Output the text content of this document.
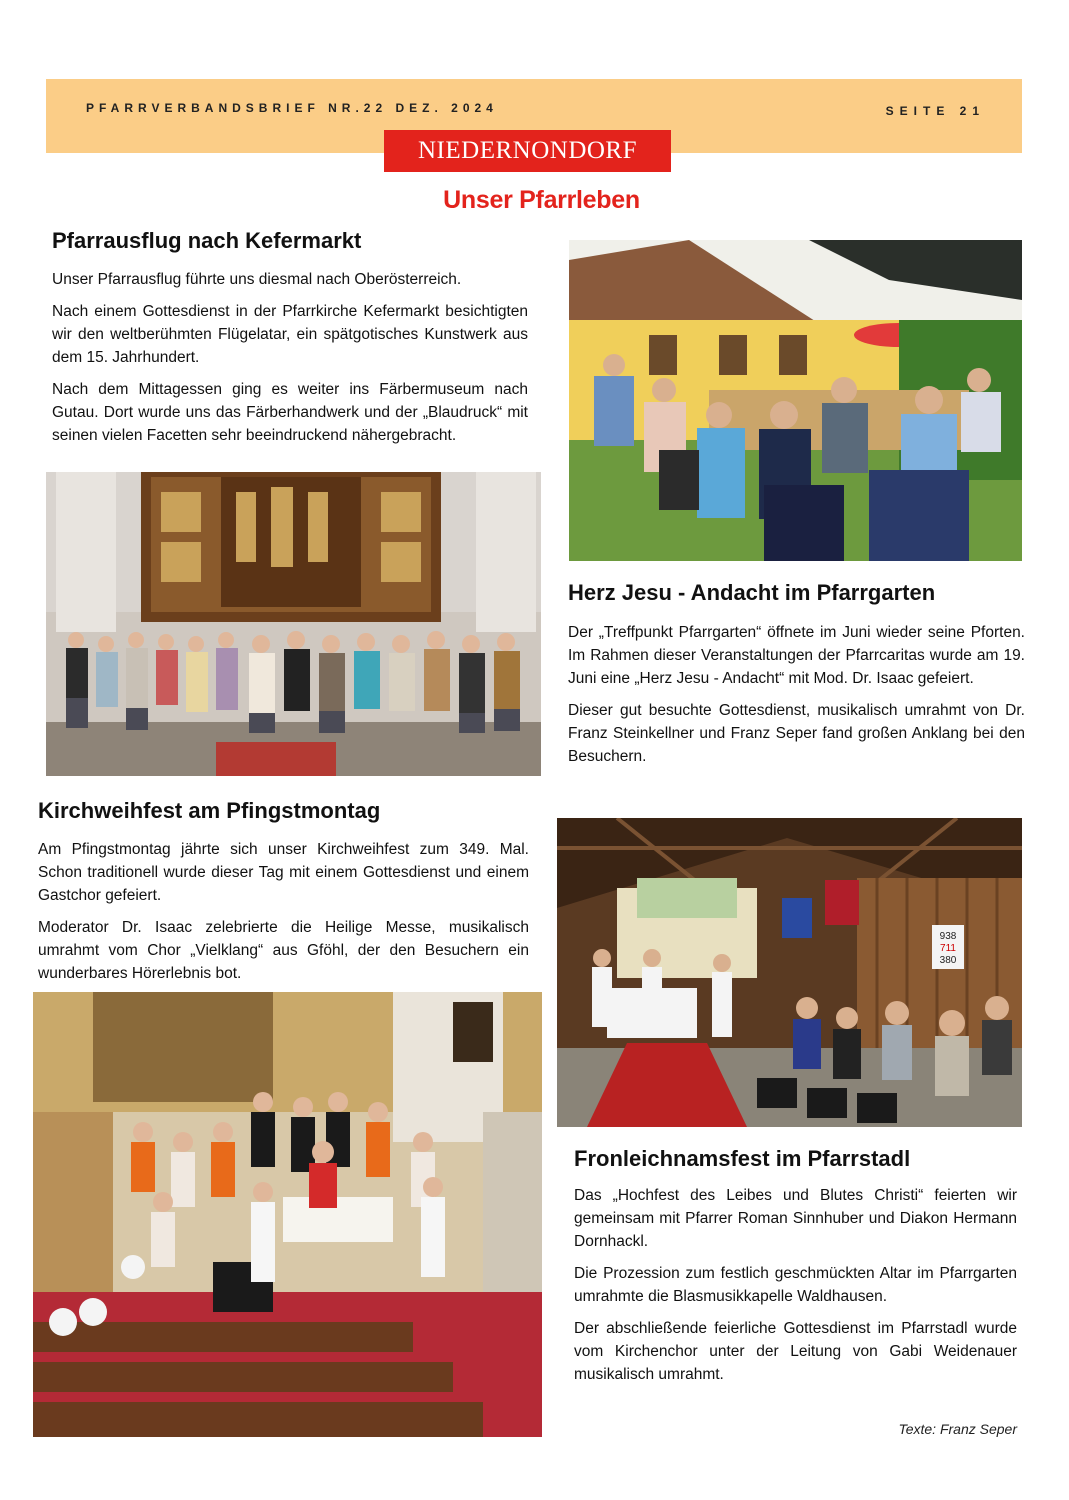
PFARRVERBANDSBRIEF NR.22 DEZ. 2024	SEITE 21
NIEDERNONDORF
Unser Pfarrleben
Pfarrausflug nach Kefermarkt

Unser Pfarrausflug führte uns diesmal nach Oberösterreich.

Nach einem Gottesdienst in der Pfarrkirche Kefermarkt besichtigten wir den weltberühmten Flügelatar, ein spätgotisches Kunstwerk aus dem 15. Jahrhundert.

Nach dem Mittagessen ging es weiter ins Färbermuseum nach Gutau. Dort wurde uns das Färberhandwerk und der „Blaudruck“ mit seinen vielen Facetten sehr beeindruckend nähergebracht.

Herz Jesu - Andacht im Pfarrgarten

Der „Treffpunkt Pfarrgarten“ öffnete im Juni wieder seine Pforten. Im Rahmen dieser Veranstaltungen der Pfarrcaritas wurde am 19. Juni eine „Herz Jesu - Andacht“ mit Mod. Dr. Isaac gefeiert.

Dieser gut besuchte Gottesdienst, musikalisch umrahmt von Dr. Franz Steinkellner und Franz Seper fand großen Anklang bei den Besuchern.

Kirchweihfest am Pfingstmontag

Am Pfingstmontag jährte sich unser Kirchweihfest zum 349. Mal. Schon traditionell wurde dieser Tag mit einem Gottesdienst und einem Gastchor gefeiert.

Moderator Dr. Isaac zelebrierte die Heilige Messe, musikalisch umrahmt vom Chor „Vielklang“ aus Gföhl, der den Besuchern ein wunderbares Hörerlebnis bot.

938
711
380
Fronleichnamsfest im Pfarrstadl

Das „Hochfest des Leibes und Blutes Christi“ feierten wir gemeinsam mit Pfarrer Roman Sinnhuber und Diakon Hermann Dornhackl.

Die Prozession zum festlich geschmückten Altar im Pfarrgarten umrahmte die Blasmusikkapelle Waldhausen.

Der abschließende feierliche Gottesdienst im Pfarrstadl wurde vom Kirchenchor unter der Leitung von Gabi Weidenauer musikalisch umrahmt.

Texte: Franz Seper
